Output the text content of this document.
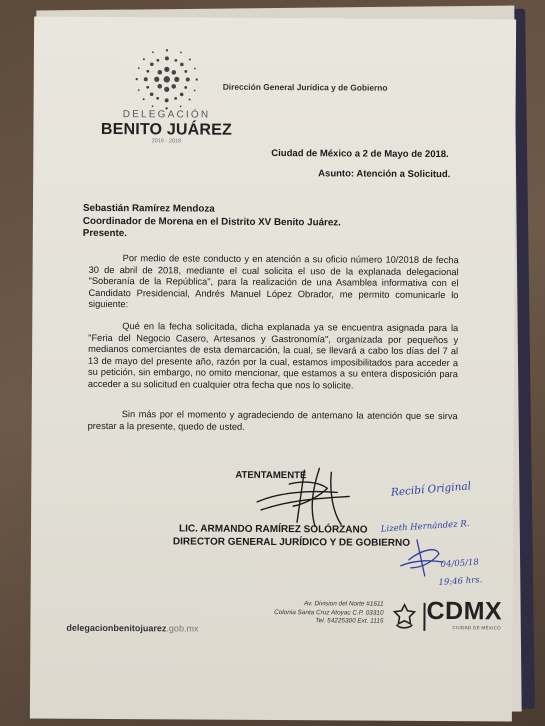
DELEGACIÓN
BENITO JUÁREZ
2016 - 2018
Dirección General Jurídica y de Gobierno
Ciudad de México a 2 de Mayo de 2018.
Asunto: Atención a Solicitud.
Sebastián Ramírez Mendoza
Coordinador de Morena en el Distrito XV Benito Juárez.
Presente.
Por medio de este conducto y en atención a su oficio número 10/2018 de fecha 30 de abril de 2018, mediante el cual solicita el uso de la explanada delegacional "Soberanía de la República", para la realización de una Asamblea informativa con el Candidato Presidencial, Andrés Manuel López Obrador, me permito comunicarle lo siguiente:
Qué en la fecha solicitada, dicha explanada ya se encuentra asignada para la "Feria del Negocio Casero, Artesanos y Gastronomía", organizada por pequeños y medianos comerciantes de esta demarcación, la cual, se llevará a cabo los días del 7 al 13 de mayo del presente año, razón por la cual, estamos imposibilitados para acceder a su petición, sin embargo, no omito mencionar, que estamos a su entera disposición para acceder a su solicitud en cualquier otra fecha que nos lo solicite.
Sin más por el momento y agradeciendo de antemano la atención que se sirva prestar a la presente, quedo de usted.
ATENTAMENTE
LIC. ARMANDO RAMÍREZ SOLÓRZANO
DIRECTOR GENERAL JURÍDICO Y DE GOBIERNO
Recibí Original
Lizeth Hernández R.
04/05/18
19:46 hrs.
delegacionbenitojuarez.gob.mx
Av. Division del Norte #1611
Colonia Santa Cruz Atoyac C.P. 03310
Tel. 54225300 Ext. 1115 CDMX
CIUDAD DE MÉXICO
